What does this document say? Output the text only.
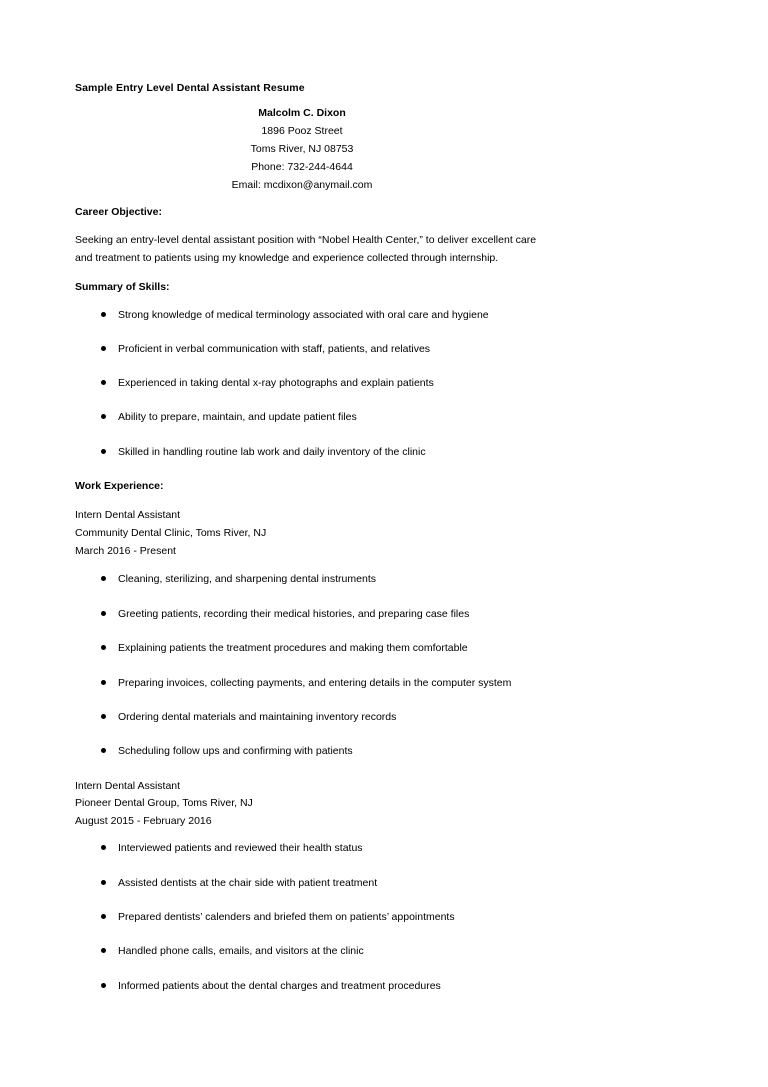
Sample Entry Level Dental Assistant Resume
Malcolm C. Dixon
1896 Pooz Street
Toms River, NJ 08753
Phone: 732-244-4644
Email: mcdixon@anymail.com
Career Objective:
Seeking an entry-level dental assistant position with “Nobel Health Center,” to deliver excellent care
and treatment to patients using my knowledge and experience collected through internship.
Summary of Skills:
Strong knowledge of medical terminology associated with oral care and hygiene
Proficient in verbal communication with staff, patients, and relatives
Experienced in taking dental x-ray photographs and explain patients
Ability to prepare, maintain, and update patient files
Skilled in handling routine lab work and daily inventory of the clinic
Work Experience:
Intern Dental Assistant
Community Dental Clinic, Toms River, NJ
March 2016 - Present
Cleaning, sterilizing, and sharpening dental instruments
Greeting patients, recording their medical histories, and preparing case files
Explaining patients the treatment procedures and making them comfortable
Preparing invoices, collecting payments, and entering details in the computer system
Ordering dental materials and maintaining inventory records
Scheduling follow ups and confirming with patients
Intern Dental Assistant
Pioneer Dental Group, Toms River, NJ
August 2015 - February 2016
Interviewed patients and reviewed their health status
Assisted dentists at the chair side with patient treatment
Prepared dentists’ calenders and briefed them on patients’ appointments
Handled phone calls, emails, and visitors at the clinic
Informed patients about the dental charges and treatment procedures
